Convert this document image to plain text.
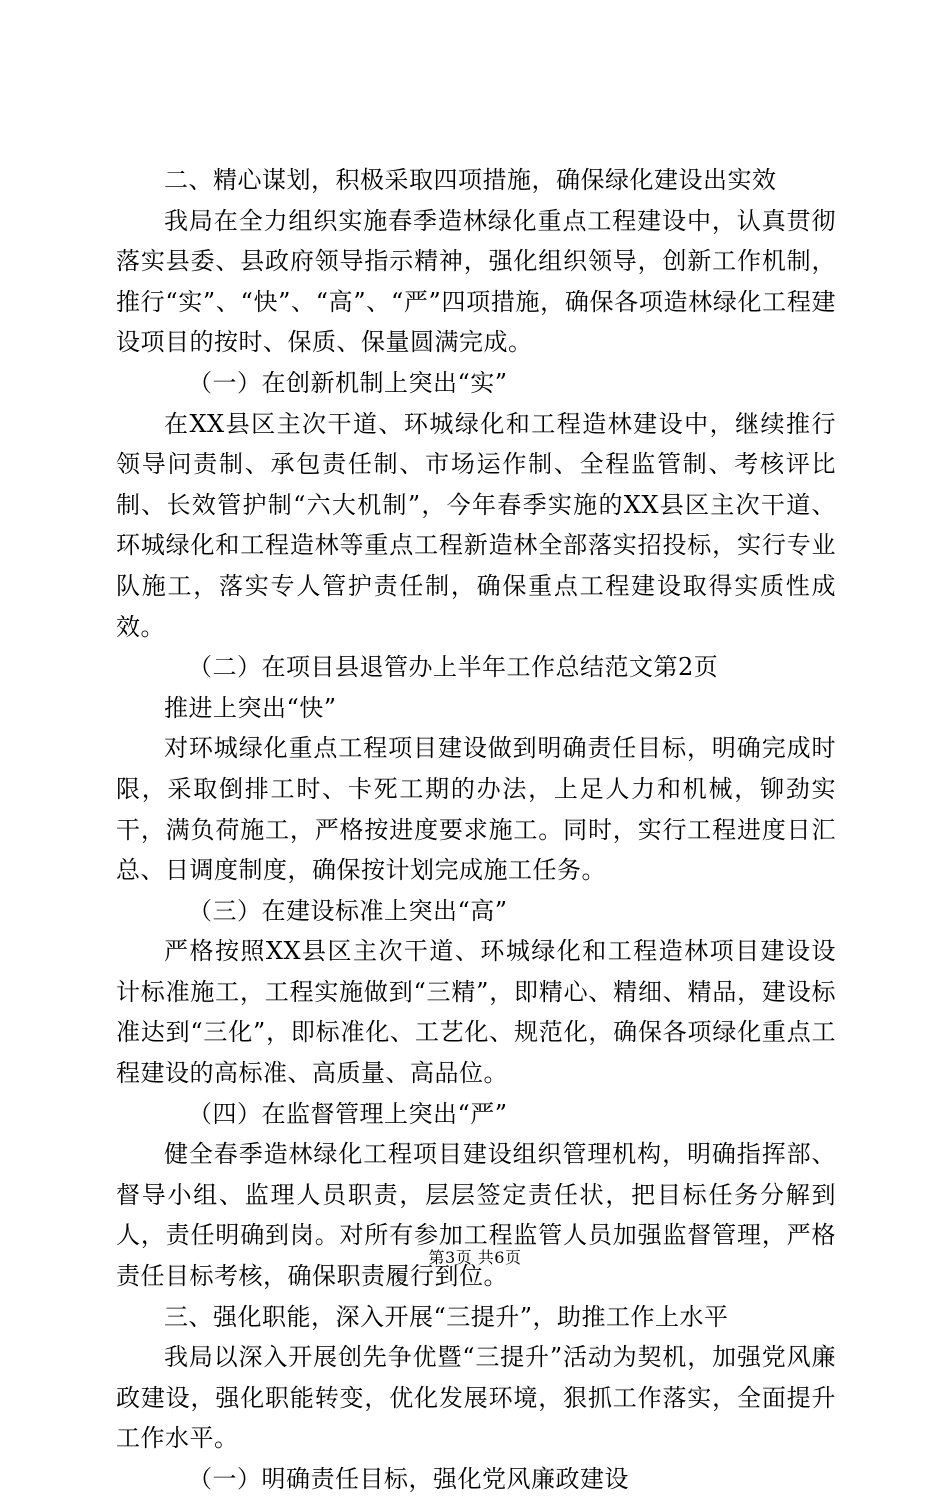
二、精心谋划，积极采取四项措施，确保绿化建设出实效

我局在全力组织实施春季造林绿化重点工程建设中，认真贯彻落实县委、县政府领导指示精神，强化组织领导，创新工作机制，推行“实”、“快”、“高”、“严”四项措施，确保各项造林绿化工程建设项目的按时、保质、保量圆满完成。

（一）在创新机制上突出“实”

在XX县区主次干道、环城绿化和工程造林建设中，继续推行领导问责制、承包责任制、市场运作制、全程监管制、考核评比制、长效管护制“六大机制”，今年春季实施的XX县区主次干道、环城绿化和工程造林等重点工程新造林全部落实招投标，实行专业队施工，落实专人管护责任制，确保重点工程建设取得实质性成效。

（二）在项目县退管办上半年工作总结范文第2页

推进上突出“快”

对环城绿化重点工程项目建设做到明确责任目标，明确完成时限，采取倒排工时、卡死工期的办法，上足人力和机械，铆劲实干，满负荷施工，严格按进度要求施工。同时，实行工程进度日汇总、日调度制度，确保按计划完成施工任务。

（三）在建设标准上突出“高”

严格按照XX县区主次干道、环城绿化和工程造林项目建设设计标准施工，工程实施做到“三精”，即精心、精细、精品，建设标准达到“三化”，即标准化、工艺化、规范化，确保各项绿化重点工程建设的高标准、高质量、高品位。

（四）在监督管理上突出“严”

健全春季造林绿化工程项目建设组织管理机构，明确指挥部、督导小组、监理人员职责，层层签定责任状，把目标任务分解到人，责任明确到岗。对所有参加工程监管人员加强监督管理，严格责任目标考核，确保职责履行到位。

三、强化职能，深入开展“三提升”，助推工作上水平

我局以深入开展创先争优暨“三提升”活动为契机，加强党风廉政建设，强化职能转变，优化发展环境，狠抓工作落实，全面提升工作水平。

（一）明确责任目标，强化党风廉政建设

第3页 共6页
